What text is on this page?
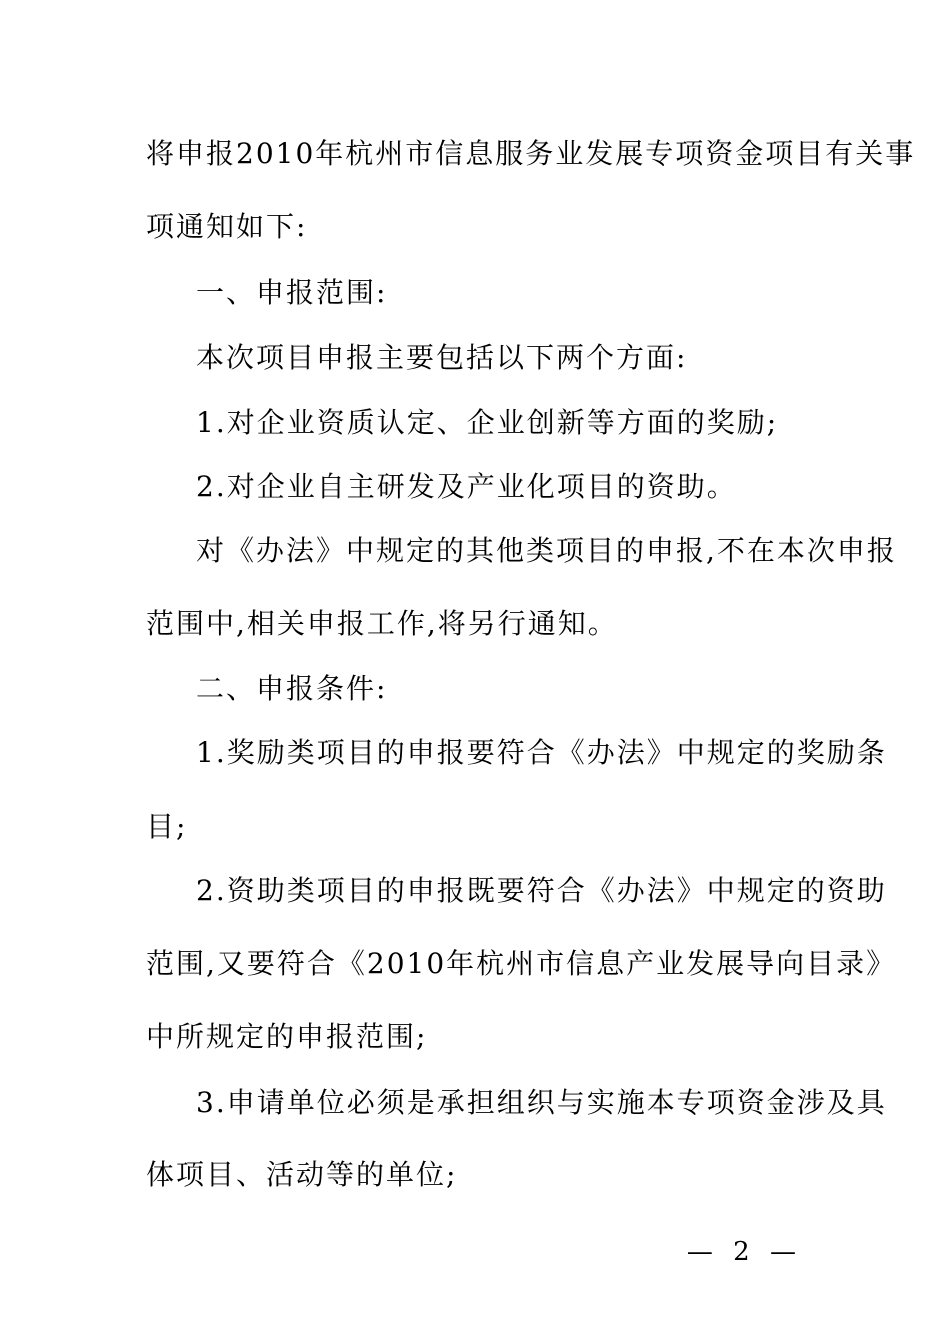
将申报2010年杭州市信息服务业发展专项资金项目有关事
项通知如下:
一、申报范围:
本次项目申报主要包括以下两个方面:
1.对企业资质认定、企业创新等方面的奖励;
2.对企业自主研发及产业化项目的资助。
对《办法》中规定的其他类项目的申报,不在本次申报
范围中,相关申报工作,将另行通知。
二、申报条件:
1.奖励类项目的申报要符合《办法》中规定的奖励条
目;
2.资助类项目的申报既要符合《办法》中规定的资助
范围,又要符合《2010年杭州市信息产业发展导向目录》
中所规定的申报范围;
3.申请单位必须是承担组织与实施本专项资金涉及具
体项目、活动等的单位;
— 2 —
